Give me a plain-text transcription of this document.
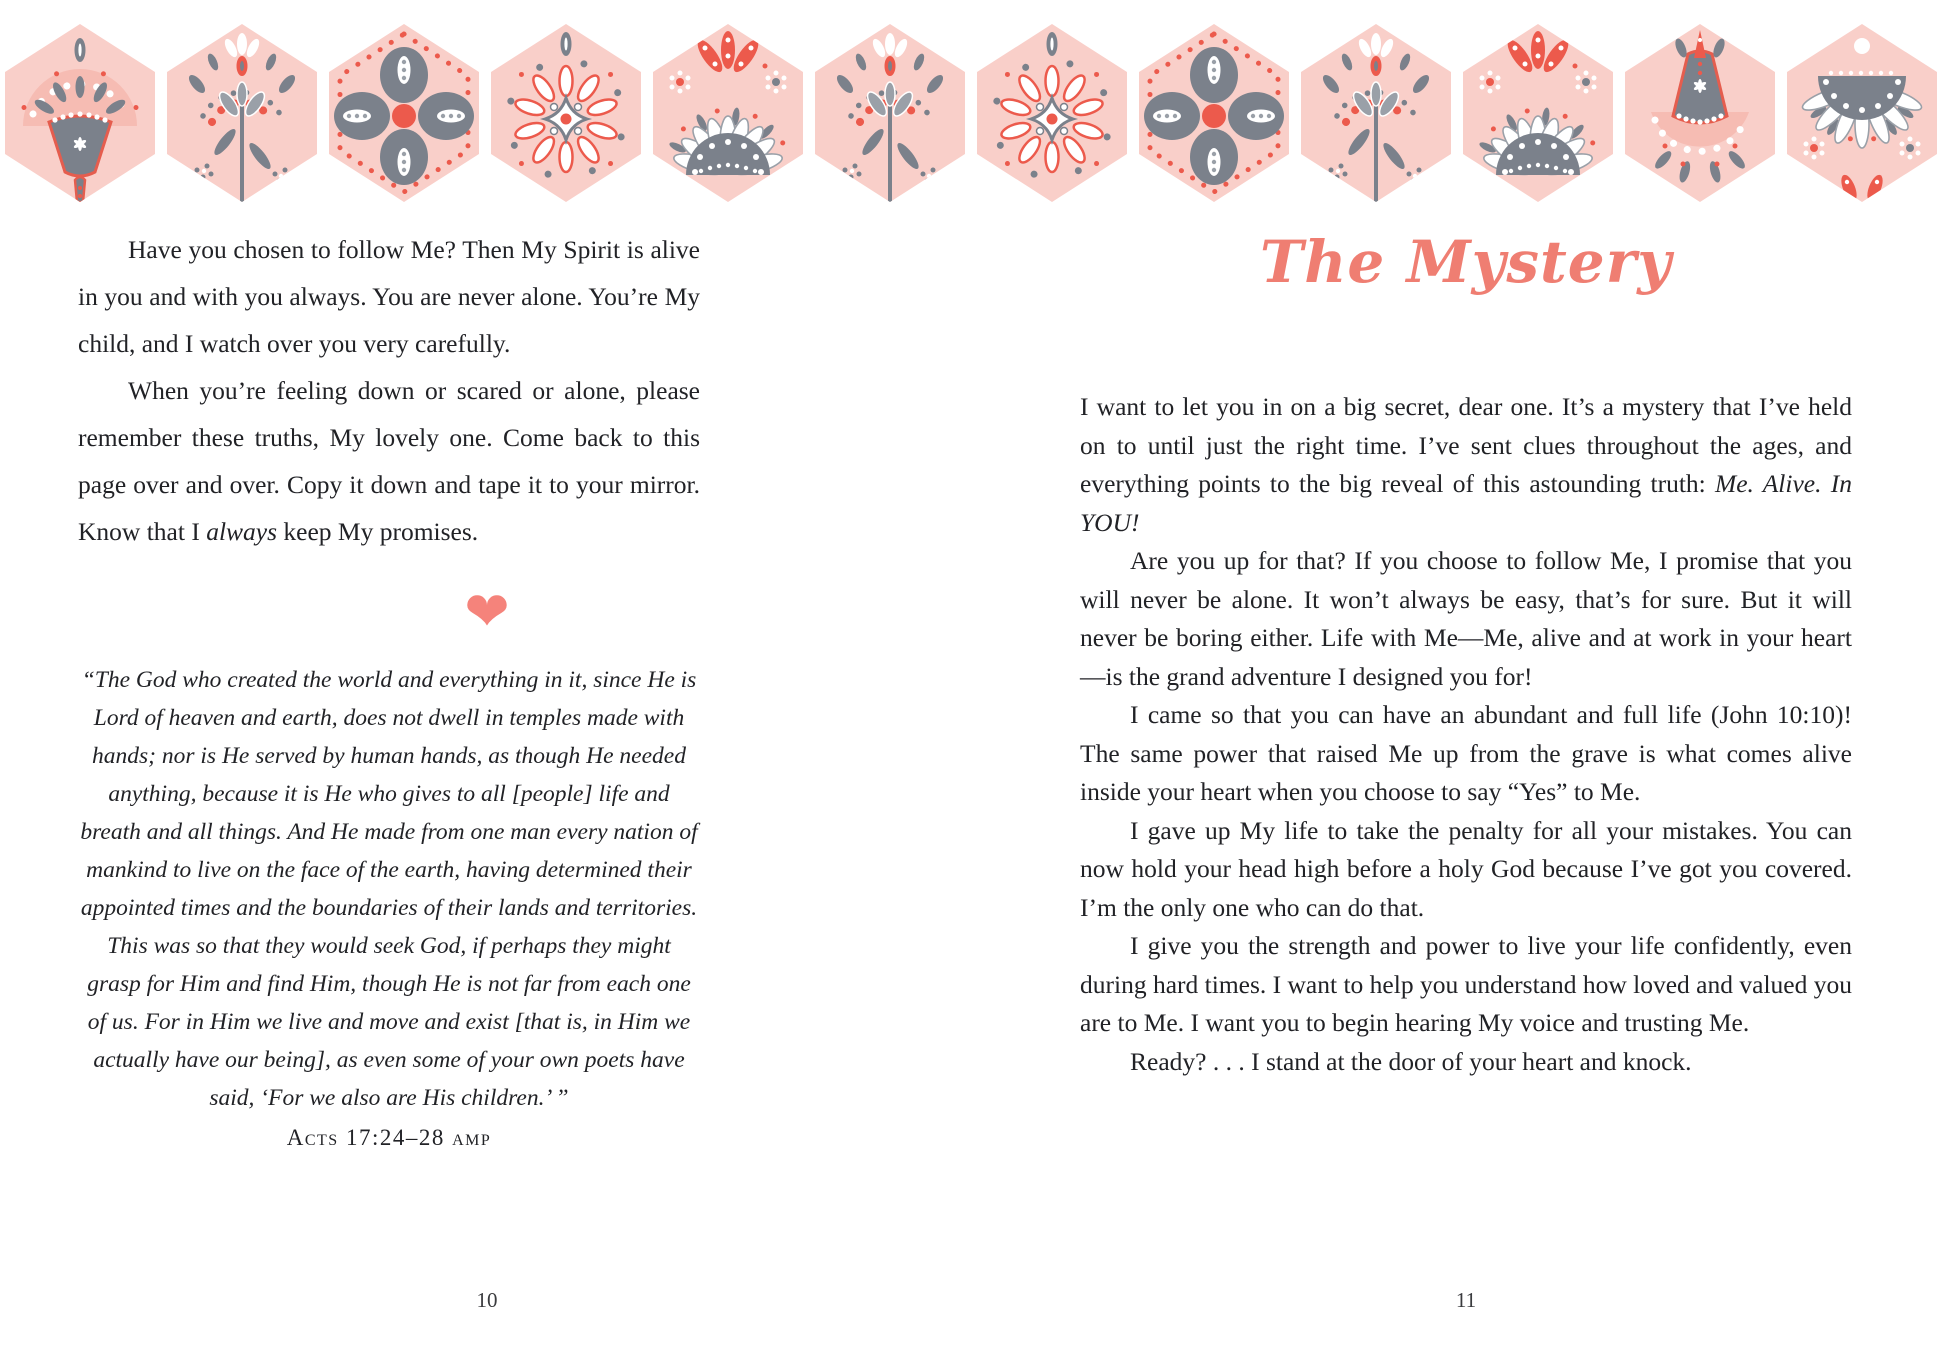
Have you chosen to follow Me? Then My Spirit is alive in you and with you always. You are never alone. You’re My child, and I watch over you very carefully.

When you’re feeling down or scared or alone, please remember these truths, My lovely one. Come back to this page over and over. Copy it down and tape it to your mirror. Know that I always keep My promises.

❤
“The God who created the world and everything in it, since He is Lord of heaven and earth, does not dwell in temples made with hands; nor is He served by human hands, as though He needed anything, because it is He who gives to all [people] life and breath and all things. And He made from one man every nation of mankind to live on the face of the earth, having determined their appointed times and the boundaries of their lands and territories. This was so that they would seek God, if perhaps they might grasp for Him and find Him, though He is not far from each one of us. For in Him we live and move and exist [that is, in Him we actually have our being], as even some of your own poets have said, ‘For we also are His children.’ ”
Acts 17:24–28 amp
The Mystery

I want to let you in on a big secret, dear one. It’s a mystery that I’ve held on to until just the right time. I’ve sent clues throughout the ages, and everything points to the big reveal of this astounding truth: Me. Alive. In YOU!

Are you up for that? If you choose to follow Me, I promise that you will never be alone. It won’t always be easy, that’s for sure. But it will never be boring either. Life with Me—Me, alive and at work in your heart—is the grand adventure I designed you for!

I came so that you can have an abundant and full life (John 10:10)! The same power that raised Me up from the grave is what comes alive inside your heart when you choose to say “Yes” to Me.

I gave up My life to take the penalty for all your mistakes. You can now hold your head high before a holy God because I’ve got you covered. I’m the only one who can do that.

I give you the strength and power to live your life confidently, even during hard times. I want to help you understand how loved and valued you are to Me. I want you to begin hearing My voice and trusting Me.

Ready? . . . I stand at the door of your heart and knock.

10	11
